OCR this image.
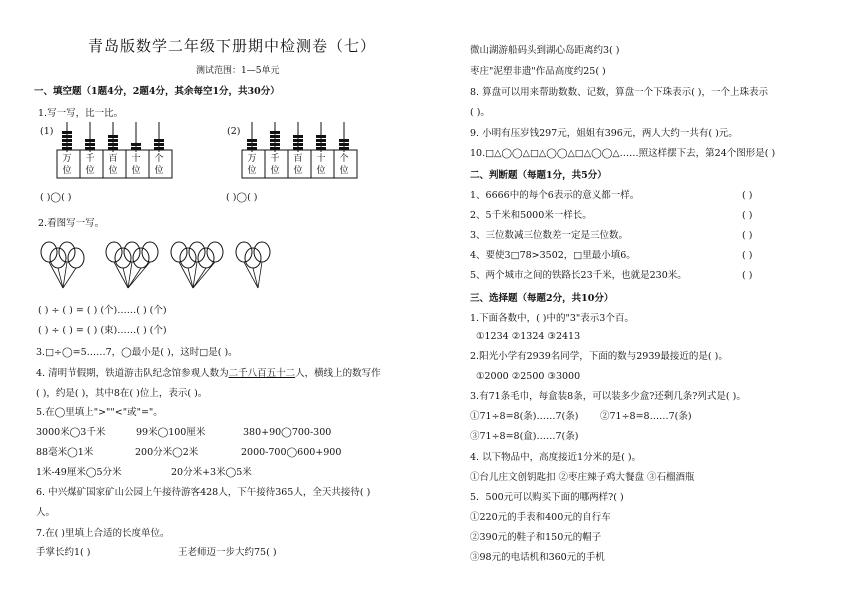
青岛版数学二年级下册期中检测卷（七）
测试范围：1—5单元
一、填空题（1题4分，2题4分，其余每空1分，共30分）
1.写一写，比一比。
(1)	(2)
万
位
千
位
百
位
十
位
个
位
万
位
千
位
百
位
十
位
个
位
( )◯( )	( )◯( )
2.看图写一写。
( ) ÷ ( ) = ( ) (个)……( ) (个)
( ) ÷ ( ) = ( ) (束)……( ) (个)
3.□÷◯=5……7，◯最小是( )，这时□是( )。
4. 清明节假期，铁道游击队纪念馆参观人数为二千八百五十二人，横线上的数写作
( )，约是( )，其中8在( )位上，表示( )。
5.在◯里填上">""<"或"="。
3000米◯3千米	99米◯100厘米	380+90◯700-300
88毫米◯1米	200分米◯2米	2000-700◯600+900
1米-49厘米◯5分米	20分米+3米◯5米
6. 中兴煤矿国家矿山公园上午接待游客428人，下午接待365人，全天共接待( )
人。
7.在( )里填上合适的长度单位。
手掌长约1( )	王老师迈一步大约75( )
微山湖游船码头到湖心岛距离约3( )
枣庄"泥塑非遗"作品高度约25( )
8. 算盘可以用来帮助数数、记数，算盘一个下珠表示( )，一个上珠表示
( )。
9. 小明有压岁钱297元，姐姐有396元，两人大约一共有( )元。
10.□△◯◯△□△◯◯△□△◯◯△……照这样摆下去，第24个图形是( )
二、判断题（每题1分，共5分）
1、6666中的每个6表示的意义都一样。	( )
2、5千米和5000米一样长。	( )
3、三位数减三位数差一定是三位数。	( )
4、要使3□78>3502，□里最小填6。	( )
5、两个城市之间的铁路长23千米，也就是230米。	( )
三、选择题（每题2分，共10分）
1.下面各数中，( )中的"3"表示3个百。
①1234 ②1324 ③2413
2.阳光小学有2939名同学，下面的数与2939最接近的是( )。
①2000 ②2500 ③3000
3.有71条毛巾，每盒装8条，可以装多少盒?还剩几条?列式是( )。
①71÷8=8(条)……7(条) ②71÷8=8……7(条)
③71÷8=8(盒)……7(条)
4. 以下物品中，高度接近1分米的是( )。
①台儿庄文创钥匙扣 ②枣庄辣子鸡大餐盘 ③石榴酒瓶
5．500元可以购买下面的哪两样?( )
①220元的手表和400元的自行车
②390元的鞋子和150元的帽子
③98元的电话机和360元的手机
